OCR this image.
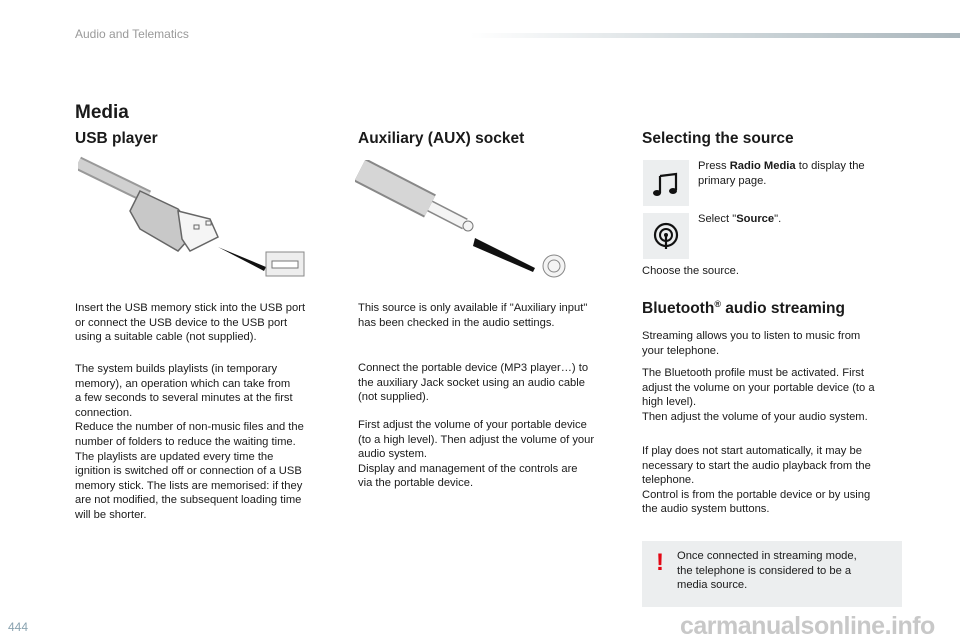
Audio and Telematics
Media
USB player

Insert the USB memory stick into the USB port
or connect the USB device to the USB port
using a suitable cable (not supplied).

The system builds playlists (in temporary
memory), an operation which can take from
a few seconds to several minutes at the first
connection.
Reduce the number of non-music files and the
number of folders to reduce the waiting time.
The playlists are updated every time the
ignition is switched off or connection of a USB
memory stick. The lists are memorised: if they
are not modified, the subsequent loading time
will be shorter.

Auxiliary (AUX) socket

This source is only available if "Auxiliary input"
has been checked in the audio settings.

Connect the portable device (MP3 player…) to
the auxiliary Jack socket using an audio cable
(not supplied).

First adjust the volume of your portable device
(to a high level). Then adjust the volume of your
audio system.
Display and management of the controls are
via the portable device.

Selecting the source

Press Radio Media to display the
primary page.

Select "Source".

Choose the source.

Bluetooth® audio streaming

Streaming allows you to listen to music from
your telephone.

The Bluetooth profile must be activated. First
adjust the volume on your portable device (to a
high level).
Then adjust the volume of your audio system.

If play does not start automatically, it may be
necessary to start the audio playback from the
telephone.
Control is from the portable device or by using
the audio system buttons.

! Once connected in streaming mode,
the telephone is considered to be a
media source.

444	carmanualsonline.info
